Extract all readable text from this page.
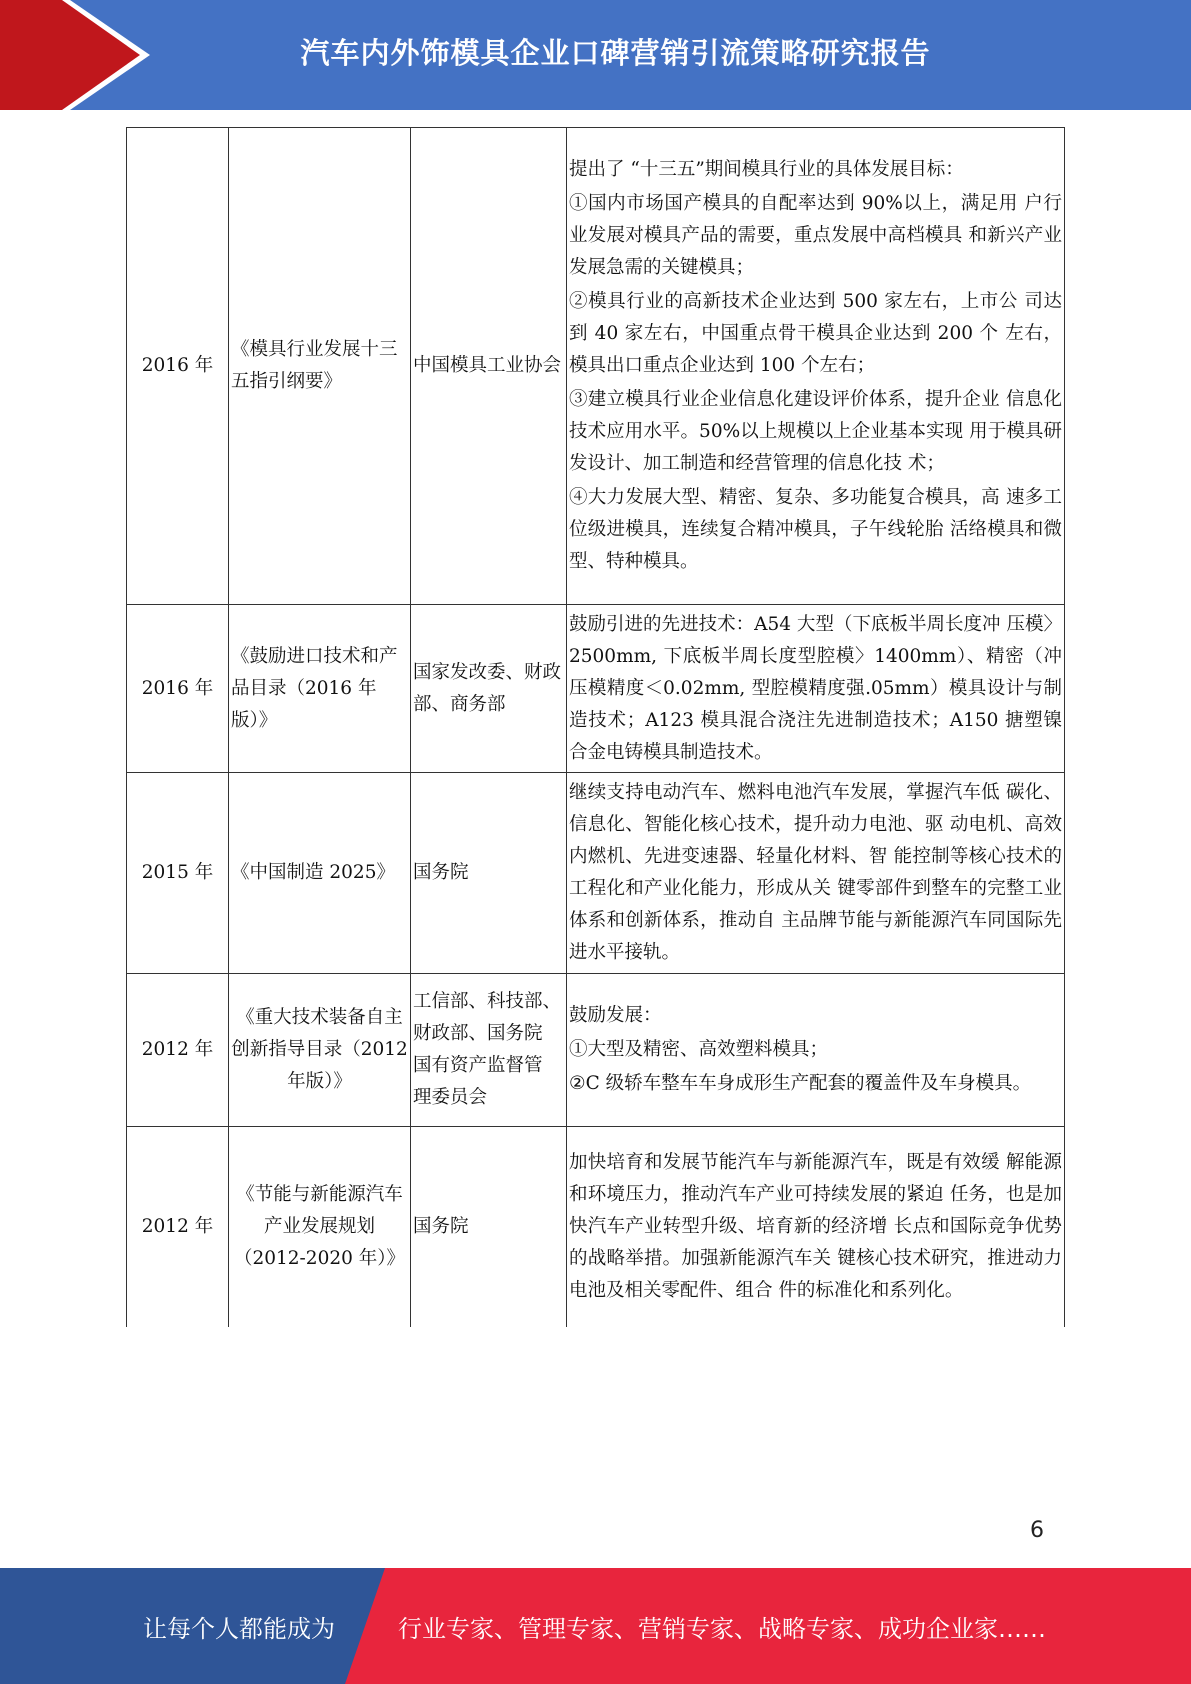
汽车内外饰模具企业口碑营销引流策略研究报告
2016 年	《模具行业发展十三五指引纲要》	中国模具工业协会	提出了 “十三五”期间模具行业的具体发展目标：
①国内市场国产模具的自配率达到 90%以上，满足用 户行业发展对模具产品的需要，重点发展中高档模具 和新兴产业发展急需的关键模具；
②模具行业的高新技术企业达到 500 家左右，上市公 司达到 40 家左右，中国重点骨干模具企业达到 200 个 左右，模具出口重点企业达到 100 个左右；
③建立模具行业企业信息化建设评价体系，提升企业 信息化技术应用水平。50%以上规模以上企业基本实现 用于模具研发设计、加工制造和经营管理的信息化技 术；
④大力发展大型、精密、复杂、多功能复合模具，高 速多工位级进模具，连续复合精冲模具，子午线轮胎 活络模具和微型、特种模具。

2016 年	《鼓励进口技术和产品目录（2016 年版）》	国家发改委、财政部、商务部	鼓励引进的先进技术：A54 大型（下底板半周长度冲 压模〉2500mm, 下底板半周长度型腔模〉1400mm）、精密（冲压模精度＜0.02mm, 型腔模精度强.05mm）模具设计与制造技术；A123 模具混合浇注先进制造技术；A150 搪塑镍合金电铸模具制造技术。

2015 年	《中国制造 2025》	国务院	继续支持电动汽车、燃料电池汽车发展，掌握汽车低 碳化、信息化、智能化核心技术，提升动力电池、驱 动电机、高效内燃机、先进变速器、轻量化材料、智 能控制等核心技术的工程化和产业化能力，形成从关 键零部件到整车的完整工业体系和创新体系，推动自 主品牌节能与新能源汽车同国际先进水平接轨。

2012 年	《重大技术装备自主创新指导目录（2012 年版）》	工信部、科技部、 财政部、国务院 国有资产监督管 理委员会	鼓励发展：
①大型及精密、高效塑料模具；
②C 级轿车整车车身成形生产配套的覆盖件及车身模具。

2012 年	《节能与新能源汽车产业发展规划（2012-2020 年）》	国务院	加快培育和发展节能汽车与新能源汽车，既是有效缓 解能源和环境压力，推动汽车产业可持续发展的紧迫 任务，也是加快汽车产业转型升级、培育新的经济增 长点和国际竞争优势的战略举措。加强新能源汽车关 键核心技术研究，推进动力电池及相关零配件、组合 件的标准化和系列化。
6
让每个人都能成为	行业专家、管理专家、营销专家、战略专家、成功企业家……
